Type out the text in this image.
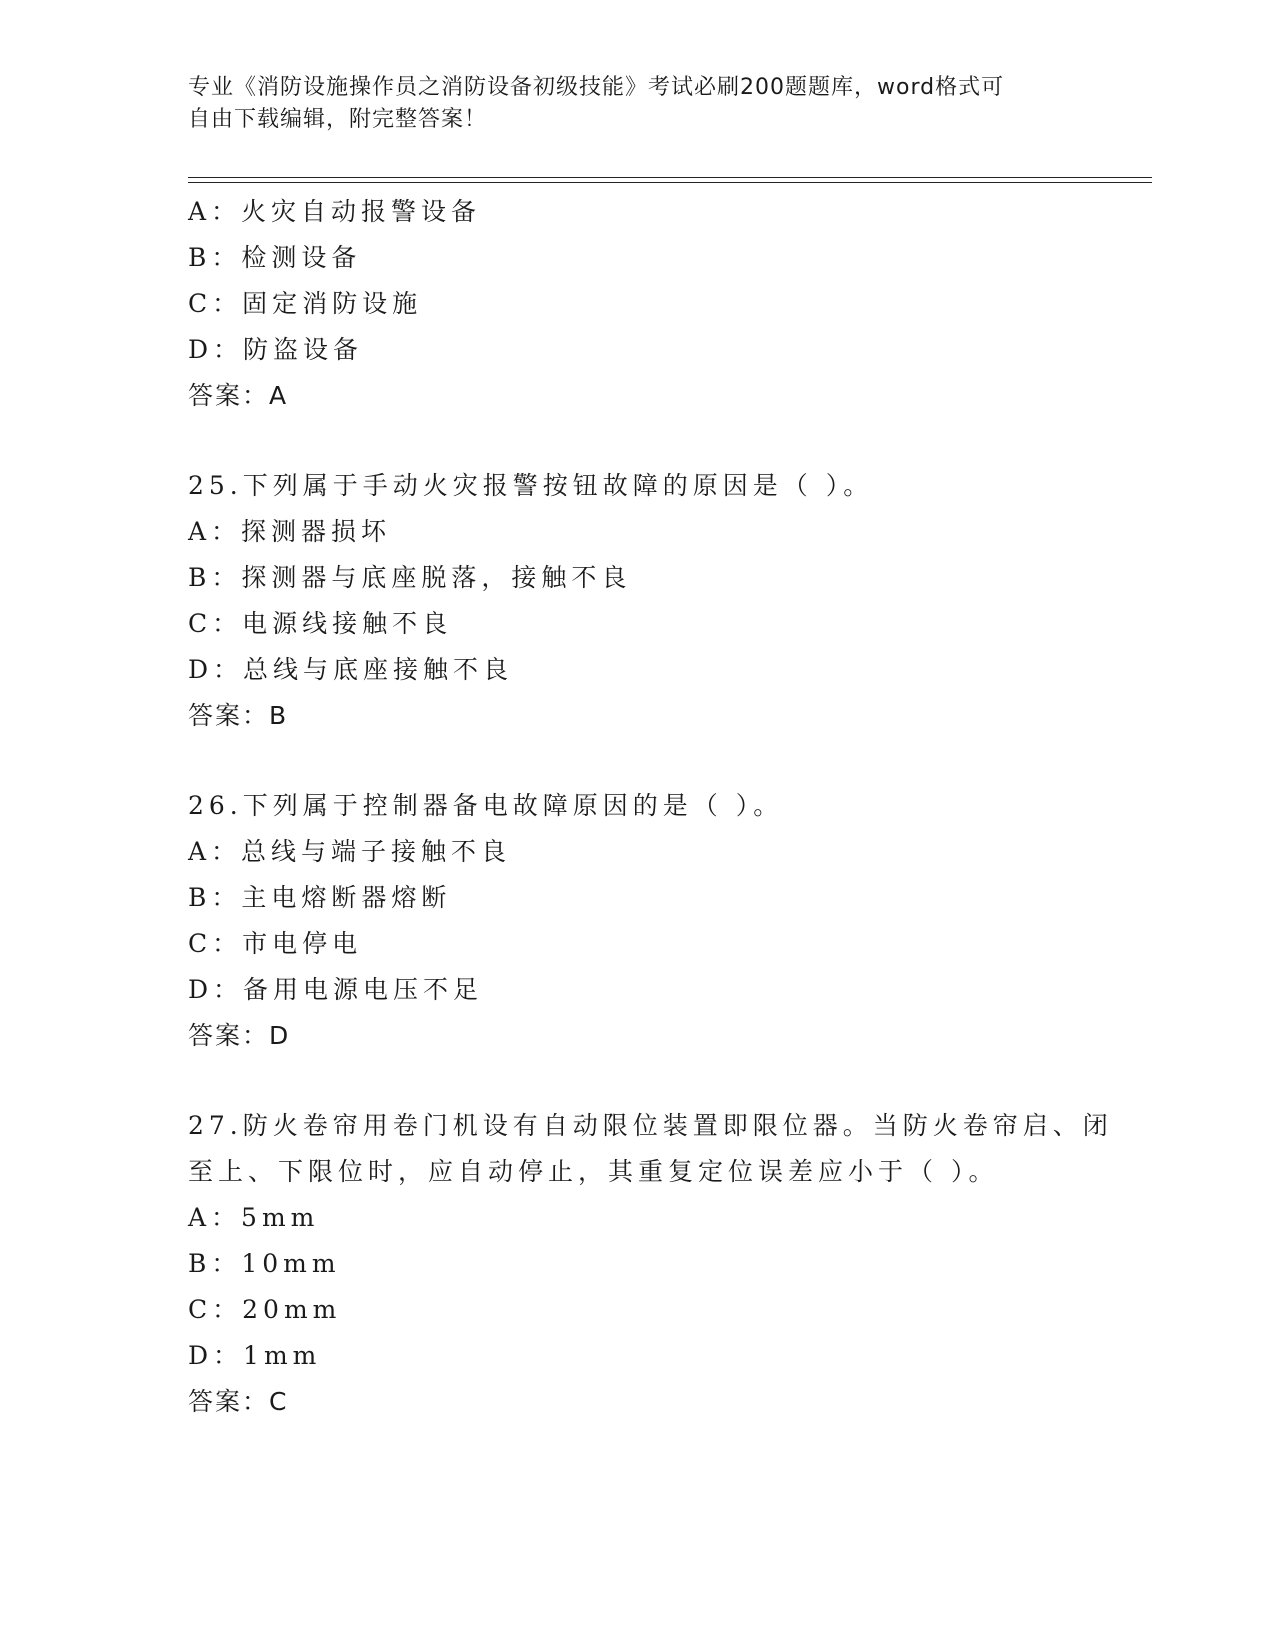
专业《消防设施操作员之消防设备初级技能》考试必刷200题题库，word格式可
自由下载编辑，附完整答案！
A：火灾自动报警设备
B：检测设备
C：固定消防设施
D：防盗设备
答案：A
25.下列属于手动火灾报警按钮故障的原因是（ ）。
A：探测器损坏
B：探测器与底座脱落，接触不良
C：电源线接触不良
D：总线与底座接触不良
答案：B
26.下列属于控制器备电故障原因的是（ ）。
A：总线与端子接触不良
B：主电熔断器熔断
C：市电停电
D：备用电源电压不足
答案：D
27.防火卷帘用卷门机设有自动限位装置即限位器。当防火卷帘启、闭
至上、下限位时，应自动停止，其重复定位误差应小于（ ）。
A：5mm
B：10mm
C：20mm
D：1mm
答案：C
